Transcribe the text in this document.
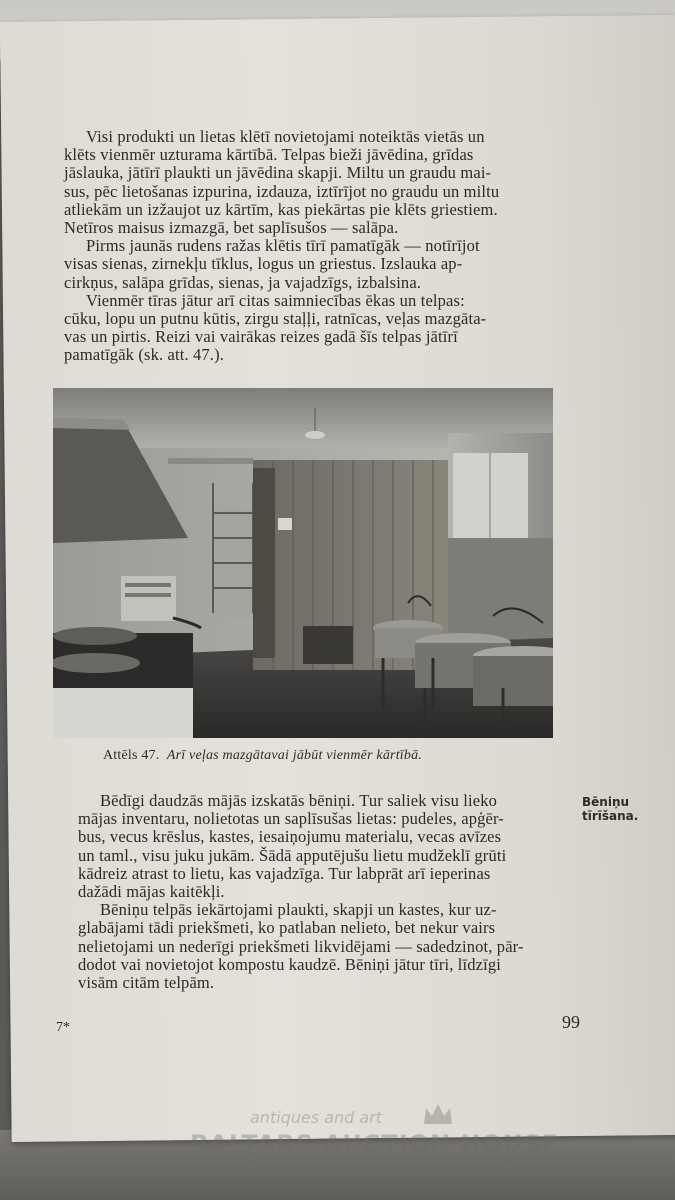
Visi produkti un lietas klētī novietojami noteiktās vietās un
klēts vienmēr uzturama kārtībā. Telpas bieži jāvēdina, grīdas
jāslauka, jātīrī plaukti un jāvēdina skapji. Miltu un graudu mai-
sus, pēc lietošanas izpurina, izdauza, iztīrījot no graudu un miltu
atliekām un izžaujot uz kārtīm, kas piekārtas pie klēts griestiem.
Netīros maisus izmazgā, bet saplīsušos — salāpa.
Pirms jaunās rudens ražas klētis tīrī pamatīgāk — notīrījot
visas sienas, zirnekļu tīklus, logus un griestus. Izslauka ap-
cirkņus, salāpa grīdas, sienas, ja vajadzīgs, izbalsina.
Vienmēr tīras jātur arī citas saimniecības ēkas un telpas:
cūku, lopu un putnu kūtis, zirgu staļļi, ratnīcas, veļas mazgāta-
vas un pirtis. Reizi vai vairākas reizes gadā šīs telpas jātīrī
pamatīgāk (sk. att. 47.).
Attēls 47. Arī veļas mazgātavai jābūt vienmēr kārtībā.
Bēniņu
tīrīšana.
Bēdīgi daudzās mājās izskatās bēniņi. Tur saliek visu lieko
mājas inventaru, nolietotas un saplīsušas lietas: pudeles, apģēr-
bus, vecus krēslus, kastes, iesaiņojumu materialu, vecas avīzes
un taml., visu juku jukām. Šādā apputējušu lietu mudžeklī grūti
kādreiz atrast to lietu, kas vajadzīga. Tur labprāt arī ieperinas
dažādi mājas kaitēkļi.
Bēniņu telpās iekārtojami plaukti, skapji un kastes, kur uz-
glabājami tādi priekšmeti, ko patlaban nelieto, bet nekur vairs
nelietojami un nederīgi priekšmeti likvidējami — sadedzinot, pār-
dodot vai novietojot kompostu kaudzē. Bēniņi jātur tīri, līdzīgi
visām citām telpām.
7*	99
antiques and art
BALTARS AUCTION HOUSE
